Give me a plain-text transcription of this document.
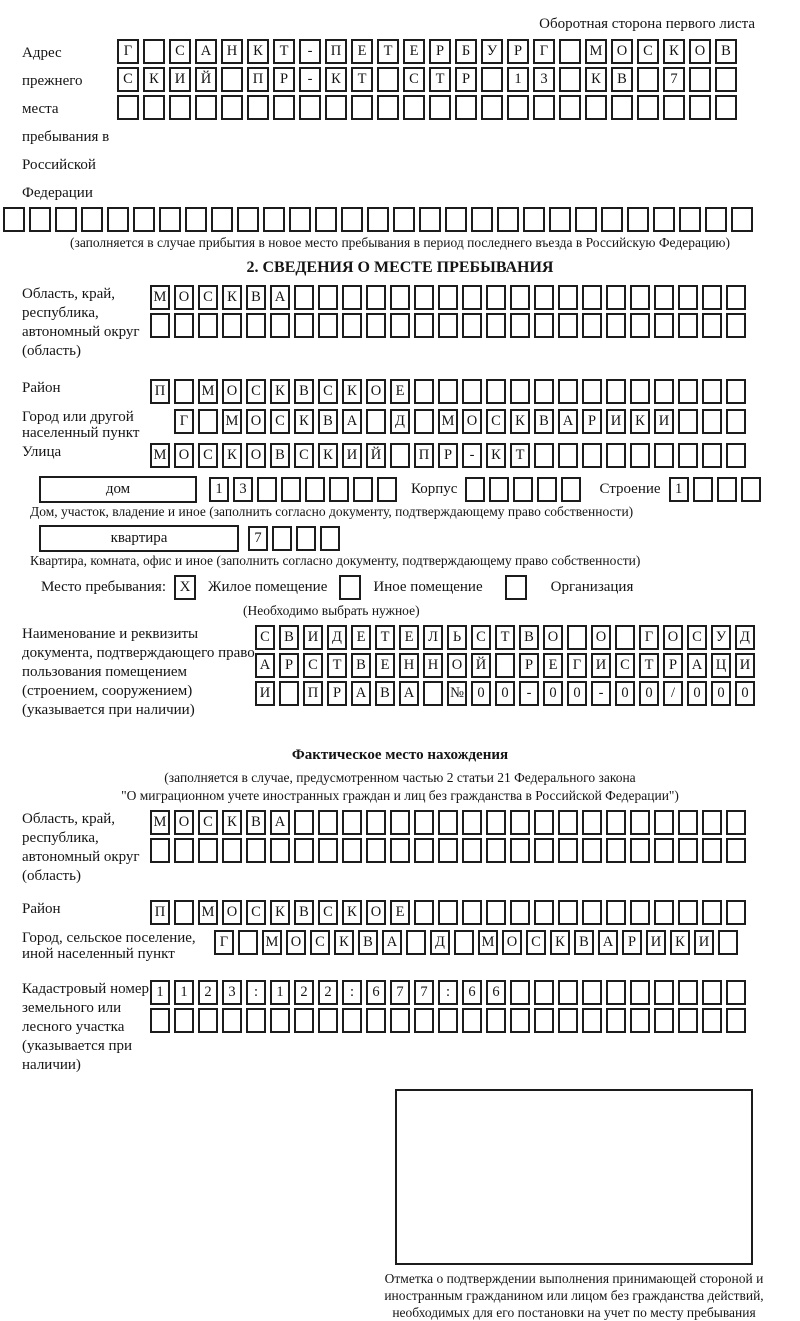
Оборотная сторона первого листа
Адрес прежнего места пребывания в Российской Федерации
Г	С	А	Н	К	Т	-	П	Е	Т	Е	Р	Б	У	Р	Г	М О	С	К	О	В
С	К	И	Й	П	Р	-	К	Т	С	Т	Р	1	3	К	В	7
(заполняется в случае прибытия в новое место пребывания в период последнего въезда в Российскую Федерацию)
2. СВЕДЕНИЯ О МЕСТЕ ПРЕБЫВАНИЯ
Область, край, республика, автономный округ (область)
М О С К В А
Район	П	М О С К В С К О Е
Город или другой населенный пункт
Г	М О С К В А	Д	М О С К В А	Р	И К И
Улица	М О С К О В С К И Й	П	Р	-	К	Т
дом	1	3	Корпус	Строение 1
Дом, участок, владение и иное (заполнить согласно документу, подтверждающему право собственности)
квартира	7
Квартира, комната, офис и иное (заполнить согласно документу, подтверждающему право собственности)
Место пребывания: X	Жилое помещение	Иное помещение	Организация
(Необходимо выбрать нужное)
Наименование и реквизиты документа, подтверждающего право пользования помещением (строением, сооружением) (указывается при наличии)
С В И Д	Е	Т	Е	Л	Ь	С	Т	В О	О	Г	О С У Д
А	Р	С	Т	В	Е Н Н О Й	Р	Е	Г	И С	Т	Р	А Ц И
И	П	Р	А В А	№ 0	0	-	0	0	-	0	0	/	0	0	0
Фактическое место нахождения
(заполняется в случае, предусмотренном частью 2 статьи 21 Федерального закона
"О миграционном учете иностранных граждан и лиц без гражданства в Российской Федерации")
Область, край, республика, автономный округ (область)
М О С К В А
Район	П	М О С К В С К О Е
Город, сельское поселение, иной населенный пункт
Г	М О С К В А	Д	М О С К В А	Р	И К И
Кадастровый номер земельного или лесного участка (указывается при наличии)
1	1	2	3	:	1	2	2	:	6	7	7	:	6	6
Отметка о подтверждении выполнения принимающей стороной и иностранным гражданином или лицом без гражданства действий, необходимых для его постановки на учет по месту пребывания
